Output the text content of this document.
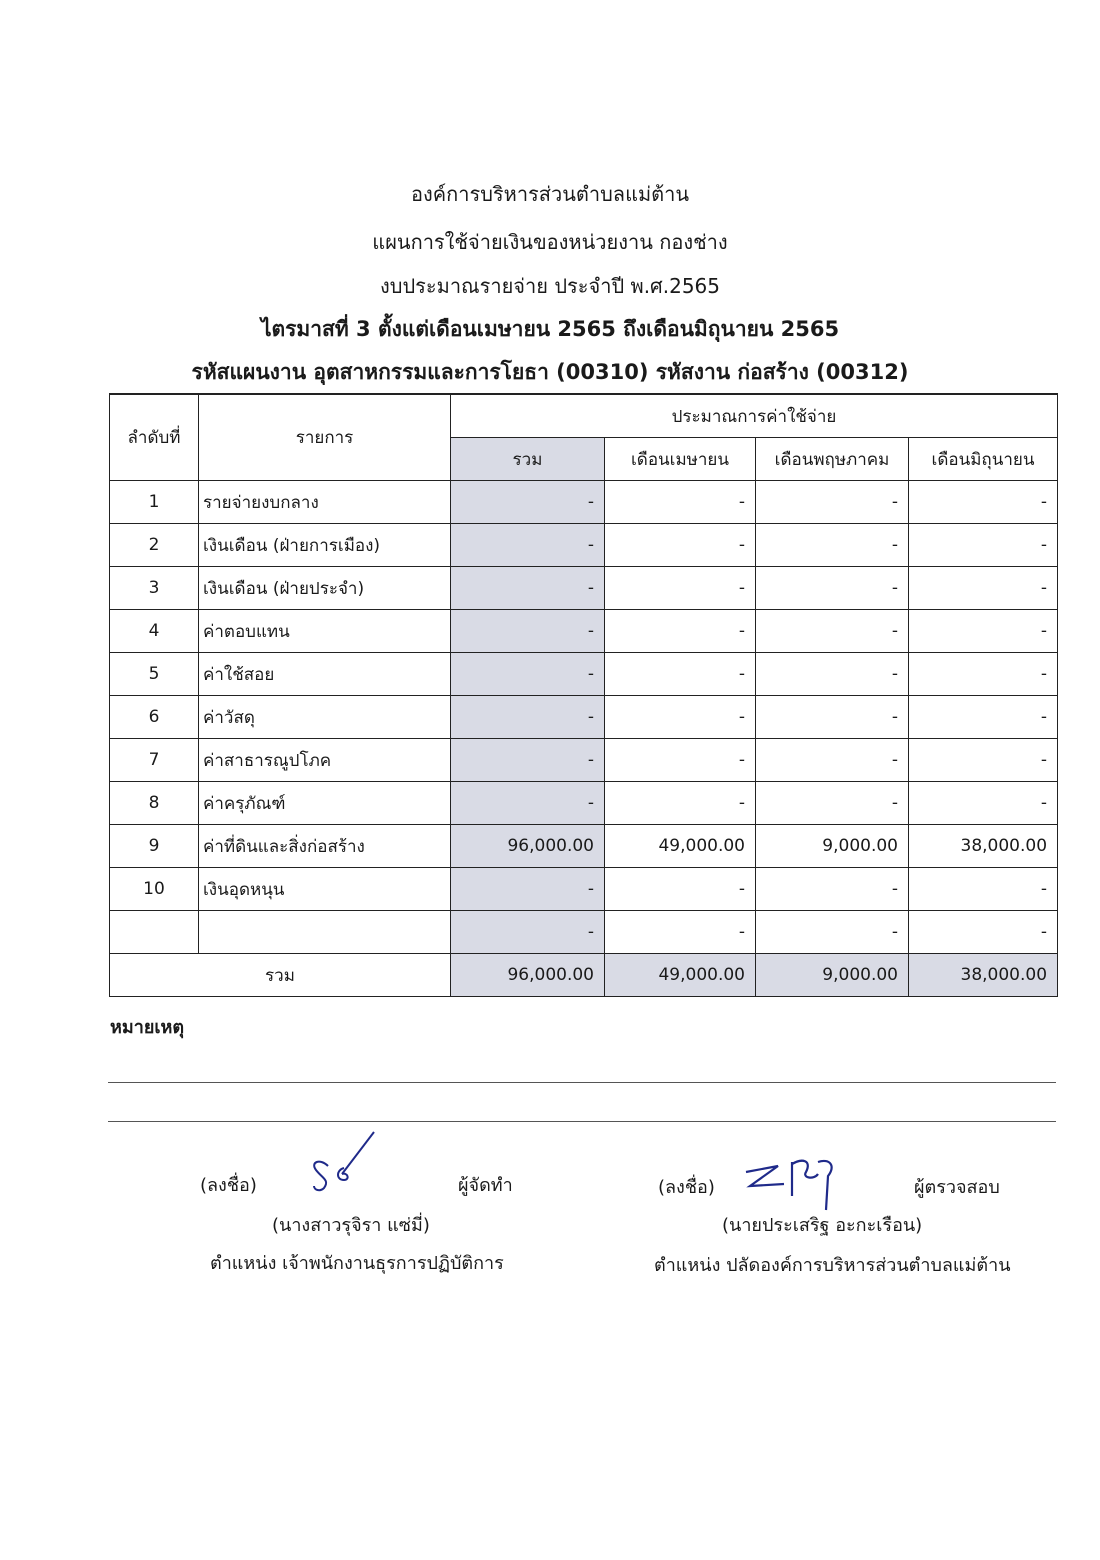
องค์การบริหารส่วนตำบลแม่ต้าน
แผนการใช้จ่ายเงินของหน่วยงาน กองช่าง
งบประมาณรายจ่าย ประจำปี พ.ศ.2565
ไตรมาสที่ 3 ตั้งแต่เดือนเมษายน 2565 ถึงเดือนมิถุนายน 2565
รหัสแผนงาน อุตสาหกรรมและการโยธา (00310) รหัสงาน ก่อสร้าง (00312)
ลำดับที่	รายการ	ประมาณการค่าใช้จ่าย			
		รวม	เดือนเมษายน	เดือนพฤษภาคม	เดือนมิถุนายน
1	รายจ่ายงบกลาง	-	-	-	-
2	เงินเดือน (ฝ่ายการเมือง)	-	-	-	-
3	เงินเดือน (ฝ่ายประจำ)	-	-	-	-
4	ค่าตอบแทน	-	-	-	-
5	ค่าใช้สอย	-	-	-	-
6	ค่าวัสดุ	-	-	-	-
7	ค่าสาธารณูปโภค	-	-	-	-
8	ค่าครุภัณฑ์	-	-	-	-
9	ค่าที่ดินและสิ่งก่อสร้าง	96,000.00	49,000.00	9,000.00	38,000.00
10	เงินอุดหนุน	-	-	-	-
		-	-	-	-
รวม		96,000.00	49,000.00	9,000.00	38,000.00
หมายเหตุ
(ลงชื่อ)	ผู้จัดทำ
(นางสาวรุจิรา แซ่มี่)
ตำแหน่ง เจ้าพนักงานธุรการปฏิบัติการ
(ลงชื่อ)	ผู้ตรวจสอบ
(นายประเสริฐ อะกะเรือน)
ตำแหน่ง ปลัดองค์การบริหารส่วนตำบลแม่ต้าน
